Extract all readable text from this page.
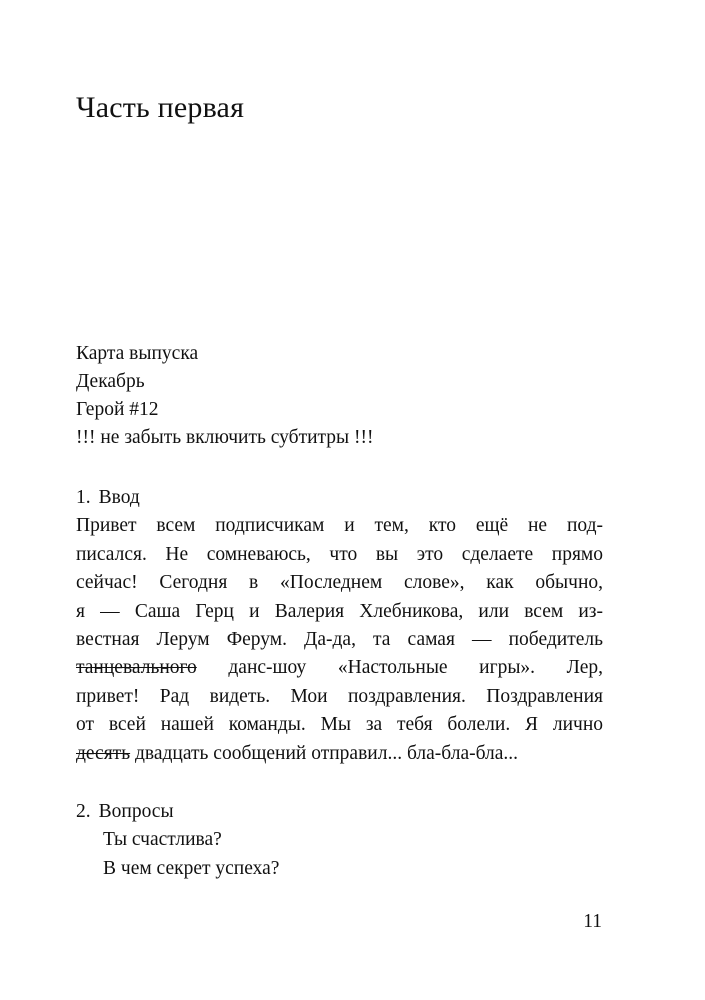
Часть первая
Карта выпуска
Декабрь
Герой #12
!!! не забыть включить субтитры !!!
1. Ввод
Привет всем подписчикам и тем, кто ещё не под-
писался. Не сомневаюсь, что вы это сделаете прямо
сейчас! Сегодня в «Последнем слове», как обычно,
я — Саша Герц и Валерия Хлебникова, или всем из-
вестная Лерум Ферум. Да-да, та самая — победитель
танцевального данс-шоу «Настольные игры». Лер,
привет! Рад видеть. Мои поздравления. Поздравления
от всей нашей команды. Мы за тебя болели. Я лично
десять двадцать сообщений отправил... бла-бла-бла...
2. Вопросы
Ты счастлива?
В чем секрет успеха?
11
